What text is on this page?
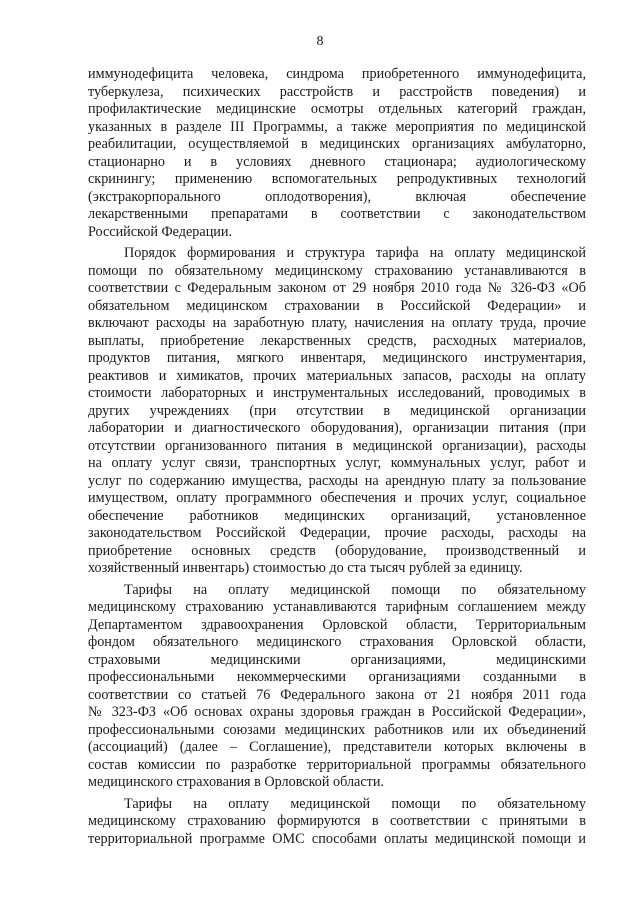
8

иммунодефицита человека, синдрома приобретенного иммунодефицита,
туберкулеза, психических расстройств и расстройств поведения) и
профилактические медицинские осмотры отдельных категорий граждан,
указанных в разделе III Программы, а также мероприятия по медицинской
реабилитации, осуществляемой в медицинских организациях амбулаторно,
стационарно и в условиях дневного стационара; аудиологическому
скринингу; применению вспомогательных репродуктивных технологий
(экстракорпорального оплодотворения), включая обеспечение
лекарственными препаратами в соответствии с законодательством
Российской Федерации.

Порядок формирования и структура тарифа на оплату медицинской
помощи по обязательному медицинскому страхованию устанавливаются в
соответствии с Федеральным законом от 29 ноября 2010 года № 326-ФЗ «Об
обязательном медицинском страховании в Российской Федерации» и
включают расходы на заработную плату, начисления на оплату труда, прочие
выплаты, приобретение лекарственных средств, расходных материалов,
продуктов питания, мягкого инвентаря, медицинского инструментария,
реактивов и химикатов, прочих материальных запасов, расходы на оплату
стоимости лабораторных и инструментальных исследований, проводимых в
других учреждениях (при отсутствии в медицинской организации
лаборатории и диагностического оборудования), организации питания (при
отсутствии организованного питания в медицинской организации), расходы
на оплату услуг связи, транспортных услуг, коммунальных услуг, работ и
услуг по содержанию имущества, расходы на арендную плату за пользование
имуществом, оплату программного обеспечения и прочих услуг, социальное
обеспечение работников медицинских организаций, установленное
законодательством Российской Федерации, прочие расходы, расходы на
приобретение основных средств (оборудование, производственный и
хозяйственный инвентарь) стоимостью до ста тысяч рублей за единицу.

Тарифы на оплату медицинской помощи по обязательному
медицинскому страхованию устанавливаются тарифным соглашением между
Департаментом здравоохранения Орловской области, Территориальным
фондом обязательного медицинского страхования Орловской области,
страховыми медицинскими организациями, медицинскими
профессиональными некоммерческими организациями созданными в
соответствии со статьей 76 Федерального закона от 21 ноября 2011 года
№ 323-ФЗ «Об основах охраны здоровья граждан в Российской Федерации»,
профессиональными союзами медицинских работников или их объединений
(ассоциаций) (далее – Соглашение), представители которых включены в
состав комиссии по разработке территориальной программы обязательного
медицинского страхования в Орловской области.

Тарифы на оплату медицинской помощи по обязательному
медицинскому страхованию формируются в соответствии с принятыми в
территориальной программе ОМС способами оплаты медицинской помощи и
